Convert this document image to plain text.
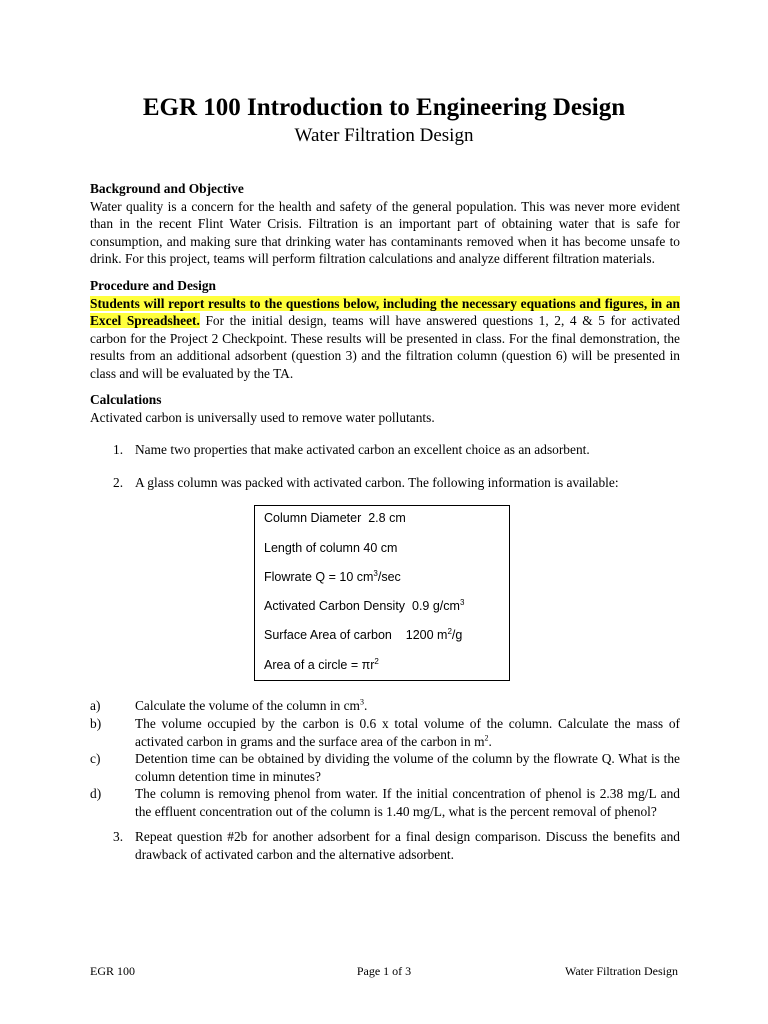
EGR 100 Introduction to Engineering Design
Water Filtration Design
Background and Objective
Water quality is a concern for the health and safety of the general population. This was never more evident than in the recent Flint Water Crisis. Filtration is an important part of obtaining water that is safe for consumption, and making sure that drinking water has contaminants removed when it has become unsafe to drink. For this project, teams will perform filtration calculations and analyze different filtration materials.
Procedure and Design
Students will report results to the questions below, including the necessary equations and figures, in an Excel Spreadsheet. For the initial design, teams will have answered questions 1, 2, 4 & 5 for activated carbon for the Project 2 Checkpoint. These results will be presented in class. For the final demonstration, the results from an additional adsorbent (question 3) and the filtration column (question 6) will be presented in class and will be evaluated by the TA.
Calculations
Activated carbon is universally used to remove water pollutants.
1. Name two properties that make activated carbon an excellent choice as an adsorbent.
2. A glass column was packed with activated carbon. The following information is available:
Column Diameter 2.8 cm
Length of column 40 cm
Flowrate Q = 10 $cm^3/\sec$
Activated Carbon Density 0.9 $g/cm^3$
Surface Area of carbon 1200 $m^2/g$
Area of a circle = $\pi r^2$
a)	Calculate the volume of the column in $cm^3$.
b)	The volume occupied by the carbon is 0.6 x total volume of the column. Calculate the mass of activated carbon in grams and the surface area of the carbon in $m^2$.
c)	Detention time can be obtained by dividing the volume of the column by the flowrate Q. What is the column detention time in minutes?
d)	The column is removing phenol from water. If the initial concentration of phenol is 2.38 mg/L and the effluent concentration out of the column is 1.40 mg/L, what is the percent removal of phenol?
3. Repeat question #2b for another adsorbent for a final design comparison. Discuss the benefits and drawback of activated carbon and the alternative adsorbent.
EGR 100	Page 1 of 3	Water Filtration Design
